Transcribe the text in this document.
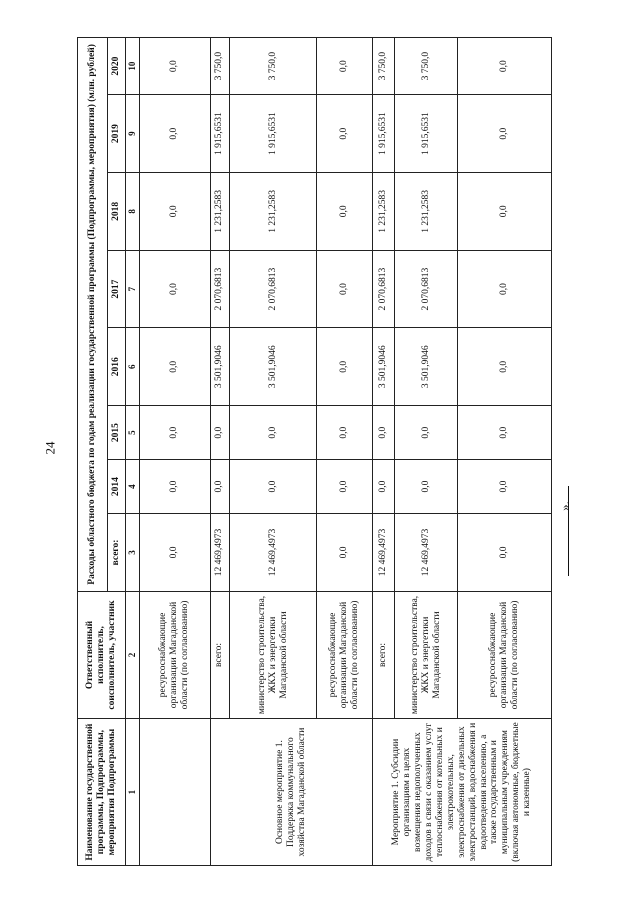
24
Наименование государственной программы, Подпрограммы, мероприятия Подпрограммы	Ответственный исполнитель, соисполнитель, участник	Расходы областного бюджета по годам реализации государственной программы (Подпрограммы, мероприятия) (млн. рублей)							
		всего:	2014	2015	2016	2017	2018	2019	2020
1	2	3	4	5	6	7	8	9	10
	ресурсоснабжающие организации Магаданской области (по согласованию)	0,0	0,0	0,0	0,0	0,0	0,0	0,0	0,0
Основное мероприятие 1. Поддержка коммунального хозяйства Магаданской области	всего:	12 469,4973	0,0	0,0	3 501,9046	2 070,6813	1 231,2583	1 915,6531	3 750,0
	министерство строительства, ЖКХ и энергетики Магаданской области	12 469,4973	0,0	0,0	3 501,9046	2 070,6813	1 231,2583	1 915,6531	3 750,0
	ресурсоснабжающие организации Магаданской области (по согласованию)	0,0	0,0	0,0	0,0	0,0	0,0	0,0	0,0
Мероприятие 1. Субсидии организациям в целях возмещения недополученных доходов в связи с оказанием услуг теплоснабжения от котельных и электрокотельных, электроснабжения от дизельных электростанций, водоснабжения и водоотведения населению, а также государственным и муниципальным учреждениям (включая автономные, бюджетные и казенные)	всего:	12 469,4973	0,0	0,0	3 501,9046	2 070,6813	1 231,2583	1 915,6531	3 750,0
	министерство строительства, ЖКХ и энергетики Магаданской области	12 469,4973	0,0	0,0	3 501,9046	2 070,6813	1 231,2583	1 915,6531	3 750,0
	ресурсоснабжающие организации Магаданской области (по согласованию)	0,0	0,0	0,0	0,0	0,0	0,0	0,0	0,0
».
